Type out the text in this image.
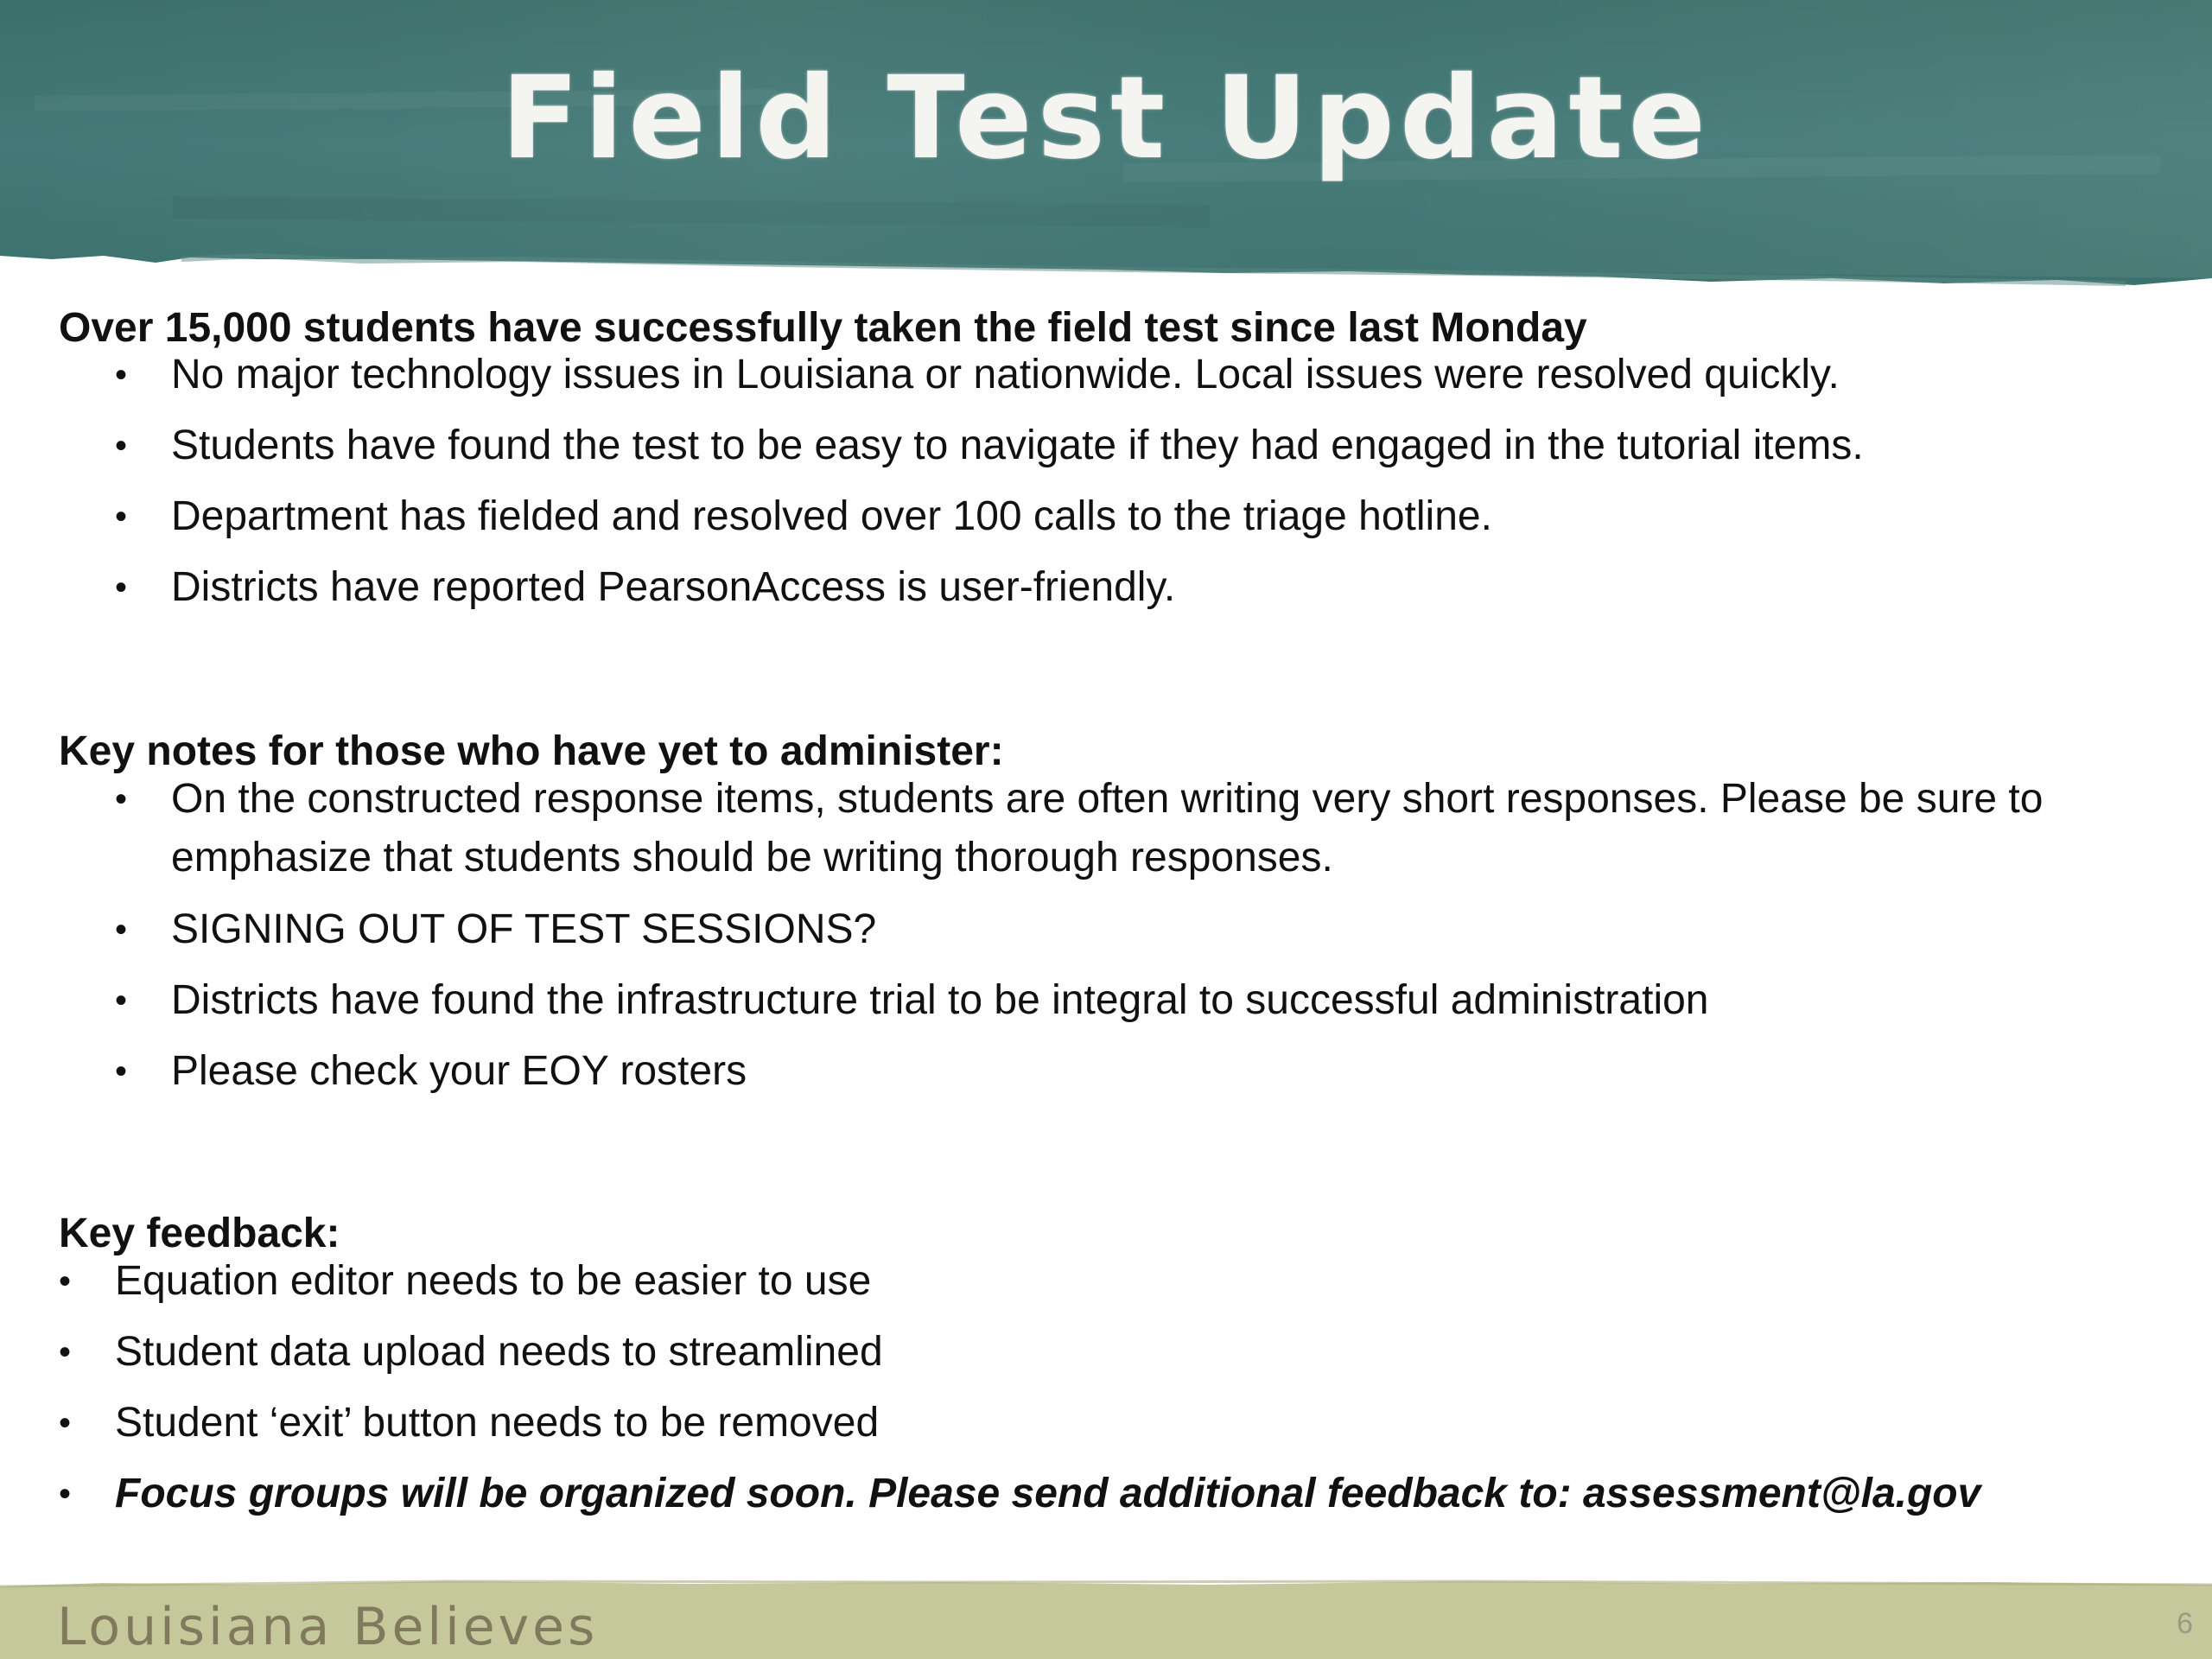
Field Test Update
Over 15,000 students have successfully taken the field test since last Monday
• No major technology issues in Louisiana or nationwide. Local issues were resolved quickly.
• Students have found the test to be easy to navigate if they had engaged in the tutorial items.
• Department has fielded and resolved over 100 calls to the triage hotline.
• Districts have reported PearsonAccess is user-friendly.
Key notes for those who have yet to administer:
• On the constructed response items, students are often writing very short responses. Please be sure to emphasize that students should be writing thorough responses.
• SIGNING OUT OF TEST SESSIONS?
• Districts have found the infrastructure trial to be integral to successful administration
• Please check your EOY rosters
Key feedback:
• Equation editor needs to be easier to use
• Student data upload needs to streamlined
• Student ‘exit’ button needs to be removed
• Focus groups will be organized soon. Please send additional feedback to: assessment@la.gov
Louisiana Believes	6
